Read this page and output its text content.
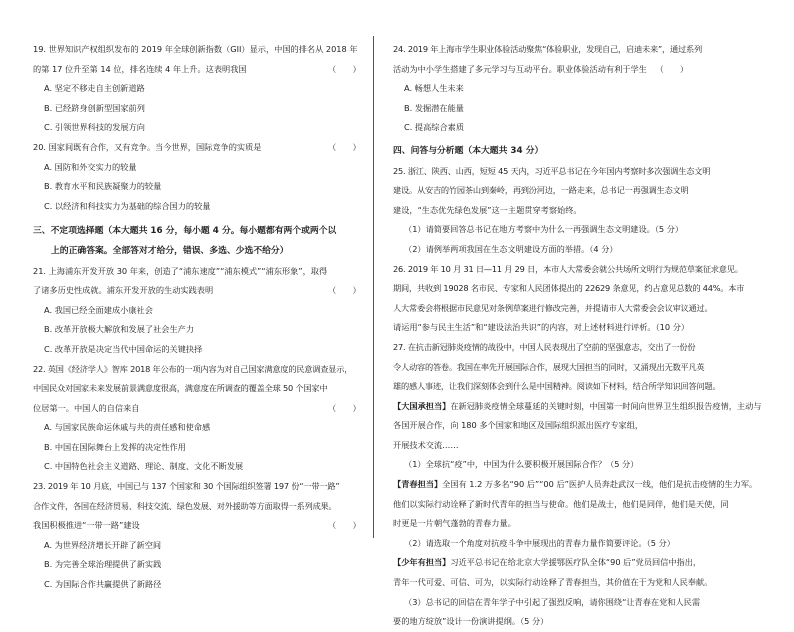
19. 世界知识产权组织发布的 2019 年全球创新指数（GII）显示，中国的排名从 2018 年
的第 17 位升至第 14 位，排名连续 4 年上升。这表明我国	（　　）
A. 坚定不移走自主创新道路
B. 已经跻身创新型国家前列
C. 引领世界科技的发展方向
20. 国家间既有合作，又有竞争。当今世界，国际竞争的实质是	（　　）
A. 国防和外交实力的较量
B. 教育水平和民族凝聚力的较量
C. 以经济和科技实力为基础的综合国力的较量
三、不定项选择题（本大题共 16 分，每小题 4 分。每小题都有两个或两个以
上的正确答案。全部答对才给分，错误、多选、少选不给分）
21. 上海浦东开发开放 30 年来，创造了“浦东速度”“浦东模式”“浦东形象”，取得
了诸多历史性成就。浦东开发开放的生动实践表明	（　　）
A. 我国已经全面建成小康社会
B. 改革开放极大解放和发展了社会生产力
C. 改革开放是决定当代中国命运的关键抉择
22. 英国《经济学人》智库 2018 年公布的一项内容为对自己国家满意度的民意调查显示，
中国民众对国家未来发展前景满意度很高，满意度在所调查的覆盖全球 50 个国家中
位居第一。中国人的自信来自	（　　）
A. 与国家民族命运休戚与共的责任感和使命感
B. 中国在国际舞台上发挥的决定性作用
C. 中国特色社会主义道路、理论、制度、文化不断发展
23. 2019 年 10 月底，中国已与 137 个国家和 30 个国际组织签署 197 份“一带一路”
合作文件，各国在经济贸易、科技交流、绿色发展、对外援助等方面取得一系列成果。
我国积极推进“一带一路”建设	（　　）
A. 为世界经济增长开辟了新空间
B. 为完善全球治理提供了新实践
C. 为国际合作共赢提供了新路径
24. 2019 年上海市学生职业体验活动聚焦“体验职业，发现自己，启迪未来”，通过系列
活动为中小学生搭建了多元学习与互动平台。职业体验活动有利于学生 （　　）
A. 畅想人生未来
B. 发掘潜在能量
C. 提高综合素质
四、问答与分析题（本大题共 34 分）
25. 浙江、陕西、山西，短短 45 天内，习近平总书记在今年国内考察时多次强调生态文明
建设。从安吉的竹园茶山到秦岭，再到汾河边，一路走来，总书记一再强调生态文明
建设，“生态优先绿色发展”这一主题贯穿考察始终。
（1）请简要回答总书记在地方考察中为什么一再强调生态文明建设。（5 分）
（2）请例举两项我国在生态文明建设方面的举措。（4 分）
26. 2019 年 10 月 31 日—11 月 29 日，本市人大常委会就公共场所文明行为规范草案征求意见。
期间，共收到 19028 名市民、专家和人民团体提出的 22629 条意见，约占意见总数的 44%。本市
人大常委会将根据市民意见对条例草案进行修改完善，并提请市人大常委会会议审议通过。
请运用“参与民主生活”和“建设法治共识”的内容，对上述材料进行评析。（10 分）
27. 在抗击新冠肺炎疫情的战役中，中国人民表现出了空前的坚强意志，交出了一份份
令人动容的答卷。我国在率先开展国际合作，展现大国担当的同时，又涌现出无数平凡英
雄的感人事迹，让我们深刻体会到什么是中国精神。阅读如下材料，结合所学知识回答问题。
【大国承担当】在新冠肺炎疫情全球蔓延的关键时刻，中国第一时间向世界卫生组织报告疫情，主动与
各国开展合作，向 180 多个国家和地区及国际组织派出医疗专家组，
开展技术交流……
（1）全球抗“疫”中，中国为什么要积极开展国际合作？（5 分）
【青春担当】全国有 1.2 万多名“90 后”“00 后”医护人员奔赴武汉一线，他们是抗击疫情的生力军。
他们以实际行动诠释了新时代青年的担当与使命。他们是战士，他们是同伴，他们是天使，同
时更是一片朝气蓬勃的青春力量。
（2）请选取一个角度对抗疫斗争中展现出的青春力量作简要评论。（5 分）
【少年有担当】习近平总书记在给北京大学援鄂医疗队全体“90 后”党员回信中指出，
青年一代可爱、可信、可为，以实际行动诠释了青春担当，其价值在于为党和人民奉献。
（3）总书记的回信在青年学子中引起了强烈反响，请你围绕“让青春在党和人民需
要的地方绽放”设计一份演讲提纲。（5 分）
